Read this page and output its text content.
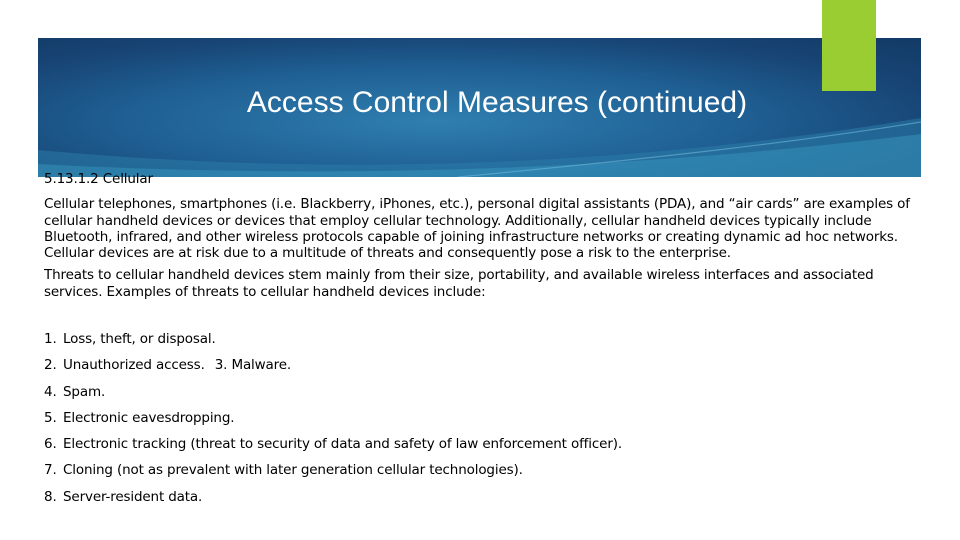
Access Control Measures (continued)

5.13.1.2 Cellular

Cellular telephones, smartphones (i.e. Blackberry, iPhones, etc.), personal digital assistants (PDA), and “air cards” are examples of cellular handheld devices or devices that employ cellular technology. Additionally, cellular handheld devices typically include Bluetooth, infrared, and other wireless protocols capable of joining infrastructure networks or creating dynamic ad hoc networks. Cellular devices are at risk due to a multitude of threats and consequently pose a risk to the enterprise.

Threats to cellular handheld devices stem mainly from their size, portability, and available wireless interfaces and associated services. Examples of threats to cellular handheld devices include:

1. Loss, theft, or disposal.
2. Unauthorized access. 3. Malware.
4. Spam.
5. Electronic eavesdropping.
6. Electronic tracking (threat to security of data and safety of law enforcement officer).
7. Cloning (not as prevalent with later generation cellular technologies).
8. Server-resident data.
